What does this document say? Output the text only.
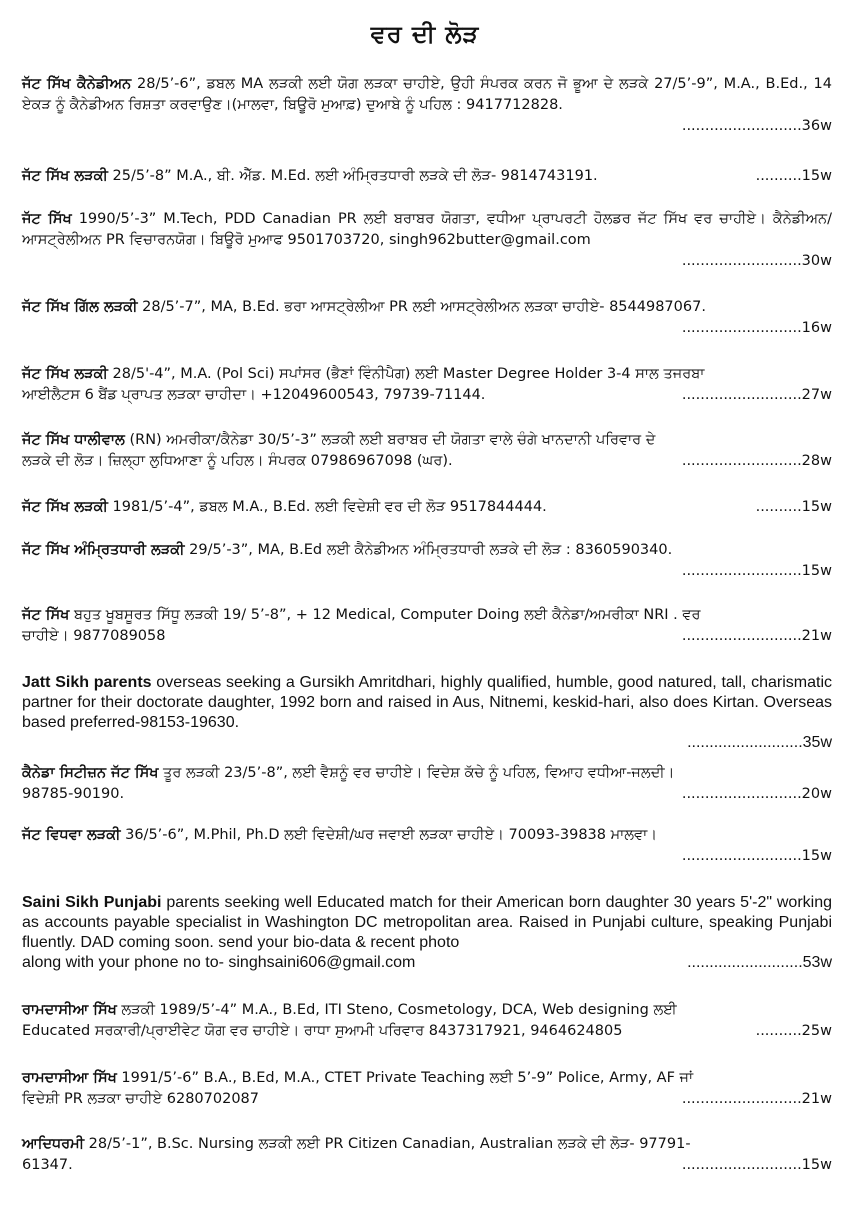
ਵਰ ਦੀ ਲੋੜ
ਜੱਟ ਸਿੱਖ ਕੈਨੇਡੀਅਨ 28/5’-6”, ਡਬਲ MA ਲੜਕੀ ਲਈ ਯੋਗ ਲੜਕਾ ਚਾਹੀਏ, ਉਹੀ ਸੰਪਰਕ ਕਰਨ ਜੋ ਭੂਆ ਦੇ ਲੜਕੇ 27/5’-9”, M.A., B.Ed., 14 ਏਕੜ ਨੂੰ ਕੈਨੇਡੀਅਨ ਰਿਸ਼ਤਾ ਕਰਵਾਉਣ।(ਮਾਲਵਾ, ਬਿਊਰੋ ਮੁਆਫ਼) ਦੁਆਬੇ ਨੂੰ ਪਹਿਲ : 9417712828.
..........................36w
ਜੱਟ ਸਿੱਖ ਲੜਕੀ 25/5’-8” M.A., ਬੀ. ਐੱਡ. M.Ed. ਲਈ ਅੰਮ੍ਰਿਤਧਾਰੀ ਲੜਕੇ ਦੀ ਲੋੜ- 9814743191.	..........15w
ਜੱਟ ਸਿੱਖ 1990/5’-3” M.Tech, PDD Canadian PR ਲਈ ਬਰਾਬਰ ਯੋਗਤਾ, ਵਧੀਆ ਪ੍ਰਾਪਰਟੀ ਹੋਲਡਰ ਜੱਟ ਸਿੱਖ ਵਰ ਚਾਹੀਏ। ਕੈਨੇਡੀਅਨ/ਆਸਟ੍ਰੇਲੀਅਨ PR ਵਿਚਾਰਨਯੋਗ। ਬਿਊਰੋ ਮੁਆਫ 9501703720, singh962butter@gmail.com
..........................30w
ਜੱਟ ਸਿੱਖ ਗਿੱਲ ਲੜਕੀ 28/5’-7”, MA, B.Ed. ਭਰਾ ਆਸਟ੍ਰੇਲੀਆ PR ਲਈ ਆਸਟ੍ਰੇਲੀਅਨ ਲੜਕਾ ਚਾਹੀਏ- 8544987067.
..........................16w
ਜੱਟ ਸਿੱਖ ਲੜਕੀ 28/5'-4”, M.A. (Pol Sci) ਸਪਾਂਸਰ (ਭੈਣਾਂ ਵਿੰਨੀਪੈਗ) ਲਈ Master Degree Holder 3-4 ਸਾਲ ਤਜਰਬਾ
ਆਈਲੈਟਸ 6 ਬੈਂਡ ਪ੍ਰਾਪਤ ਲੜਕਾ ਚਾਹੀਦਾ। +12049600543, 79739-71144.	..........................27w
ਜੱਟ ਸਿੱਖ ਧਾਲੀਵਾਲ (RN) ਅਮਰੀਕਾ/ਕੈਨੇਡਾ 30/5’-3” ਲੜਕੀ ਲਈ ਬਰਾਬਰ ਦੀ ਯੋਗਤਾ ਵਾਲੇ ਚੰਗੇ ਖਾਨਦਾਨੀ ਪਰਿਵਾਰ ਦੇ
ਲੜਕੇ ਦੀ ਲੋੜ। ਜ਼ਿਲ੍ਹਾ ਲੁਧਿਆਣਾ ਨੂੰ ਪਹਿਲ। ਸੰਪਰਕ 07986967098 (ਘਰ).	..........................28w
ਜੱਟ ਸਿੱਖ ਲੜਕੀ 1981/5’-4”, ਡਬਲ M.A., B.Ed. ਲਈ ਵਿਦੇਸ਼ੀ ਵਰ ਦੀ ਲੋੜ 9517844444.	..........15w
ਜੱਟ ਸਿੱਖ ਅੰਮ੍ਰਿਤਧਾਰੀ ਲੜਕੀ 29/5’-3”, MA, B.Ed ਲਈ ਕੈਨੇਡੀਅਨ ਅੰਮ੍ਰਿਤਧਾਰੀ ਲੜਕੇ ਦੀ ਲੋੜ : 8360590340.
..........................15w
ਜੱਟ ਸਿੱਖ ਬਹੁਤ ਖੂਬਸੂਰਤ ਸਿੱਧੂ ਲੜਕੀ 19/ 5’-8”, + 12 Medical, Computer Doing ਲਈ ਕੈਨੇਡਾ/ਅਮਰੀਕਾ NRI . ਵਰ
ਚਾਹੀਏ। 9877089058	..........................21w
Jatt Sikh parents overseas seeking a Gursikh Amritdhari, highly qualified, humble, good natured, tall, charismatic partner for their doctorate daughter, 1992 born and raised in Aus, Nitnemi, keskid-hari, also does Kirtan. Overseas based preferred-98153-19630.
..........................35w
ਕੈਨੇਡਾ ਸਿਟੀਜ਼ਨ ਜੱਟ ਸਿੱਖ ਤੂਰ ਲੜਕੀ 23/5’-8”, ਲਈ ਵੈਸ਼ਨੂੰ ਵਰ ਚਾਹੀਏ। ਵਿਦੇਸ਼ ਕੱਚੇ ਨੂੰ ਪਹਿਲ, ਵਿਆਹ ਵਧੀਆ-ਜਲਦੀ।
98785-90190.	..........................20w
ਜੱਟ ਵਿਧਵਾ ਲੜਕੀ 36/5’-6”, M.Phil, Ph.D ਲਈ ਵਿਦੇਸ਼ੀ/ਘਰ ਜਵਾਈ ਲੜਕਾ ਚਾਹੀਏ। 70093-39838 ਮਾਲਵਾ।
..........................15w
Saini Sikh Punjabi parents seeking well Educated match for their American born daughter 30 years 5'-2" working as accounts payable specialist in Washington DC metropolitan area. Raised in Punjabi culture, speaking Punjabi fluently. DAD coming soon. send your bio-data & recent photo
along with your phone no to- singhsaini606@gmail.com	..........................53w
ਰਾਮਦਾਸੀਆ ਸਿੱਖ ਲੜਕੀ 1989/5’-4” M.A., B.Ed, ITI Steno, Cosmetology, DCA, Web designing ਲਈ
Educated ਸਰਕਾਰੀ/ਪ੍ਰਾਈਵੇਟ ਯੋਗ ਵਰ ਚਾਹੀਏ। ਰਾਧਾ ਸੁਆਮੀ ਪਰਿਵਾਰ 8437317921, 9464624805	..........25w
ਰਾਮਦਾਸੀਆ ਸਿੱਖ 1991/5’-6” B.A., B.Ed, M.A., CTET Private Teaching ਲਈ 5’-9” Police, Army, AF ਜਾਂ
ਵਿਦੇਸ਼ੀ PR ਲੜਕਾ ਚਾਹੀਏ 6280702087	..........................21w
ਆਦਿਧਰਮੀ 28/5’-1”, B.Sc. Nursing ਲੜਕੀ ਲਈ PR Citizen Canadian, Australian ਲੜਕੇ ਦੀ ਲੋੜ- 97791-
61347.	..........................15w
